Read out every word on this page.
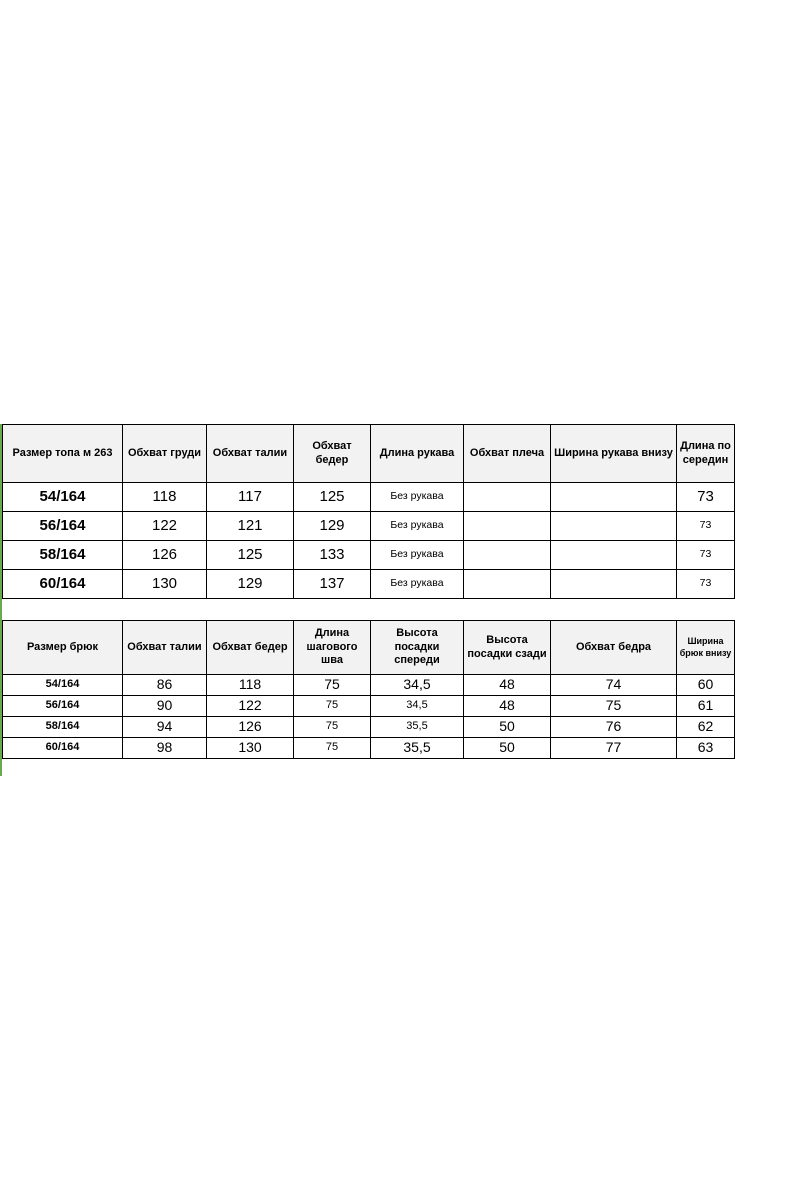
Размер топа м 263	Обхват груди	Обхват талии	Обхват бедер	Длина рукава	Обхват плеча	Ширина рукава внизу	Длина по середин
54/164	118	117	125	Без рукава			73
56/164	122	121	129	Без рукава			73
58/164	126	125	133	Без рукава			73
60/164	130	129	137	Без рукава			73
Размер брюк	Обхват талии	Обхват бедер	Длина шагового шва	Высота посадки спереди	Высота посадки сзади	Обхват бедра	Ширина брюк внизу
54/164	86	118	75	34,5	48	74	60
56/164	90	122	75	34,5	48	75	61
58/164	94	126	75	35,5	50	76	62
60/164	98	130	75	35,5	50	77	63
